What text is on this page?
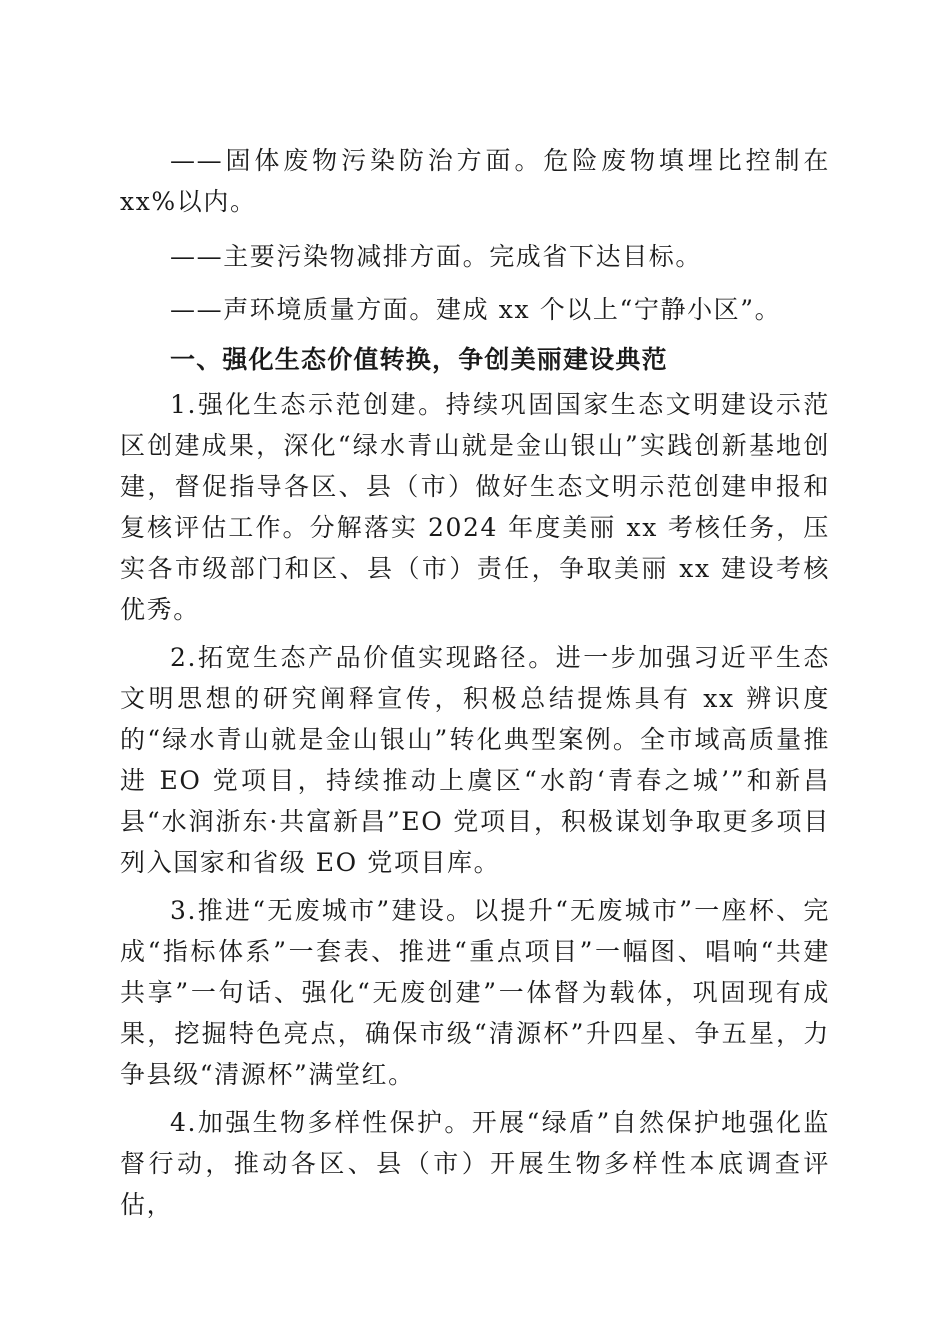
——固体废物污染防治方面。危险废物填埋比控制在 xx%以内。

——主要污染物减排方面。完成省下达目标。

——声环境质量方面。建成 xx 个以上“宁静小区”。

一、强化生态价值转换，争创美丽建设典范

1.强化生态示范创建。持续巩固国家生态文明建设示范区创建成果，深化“绿水青山就是金山银山”实践创新基地创建，督促指导各区、县（市）做好生态文明示范创建申报和复核评估工作。分解落实 2024 年度美丽 xx 考核任务，压实各市级部门和区、县（市）责任，争取美丽 xx 建设考核优秀。

2.拓宽生态产品价值实现路径。进一步加强习近平生态文明思想的研究阐释宣传，积极总结提炼具有 xx 辨识度的“绿水青山就是金山银山”转化典型案例。全市域高质量推进 EO 党项目，持续推动上虞区“水韵‘青春之城’”和新昌县“水润浙东·共富新昌”EO 党项目，积极谋划争取更多项目列入国家和省级 EO 党项目库。

3.推进“无废城市”建设。以提升“无废城市”一座杯、完成“指标体系”一套表、推进“重点项目”一幅图、唱响“共建共享”一句话、强化“无废创建”一体督为载体，巩固现有成果，挖掘特色亮点，确保市级“清源杯”升四星、争五星，力争县级“清源杯”满堂红。

4.加强生物多样性保护。开展“绿盾”自然保护地强化监督行动，推动各区、县（市）开展生物多样性本底调查评估，
